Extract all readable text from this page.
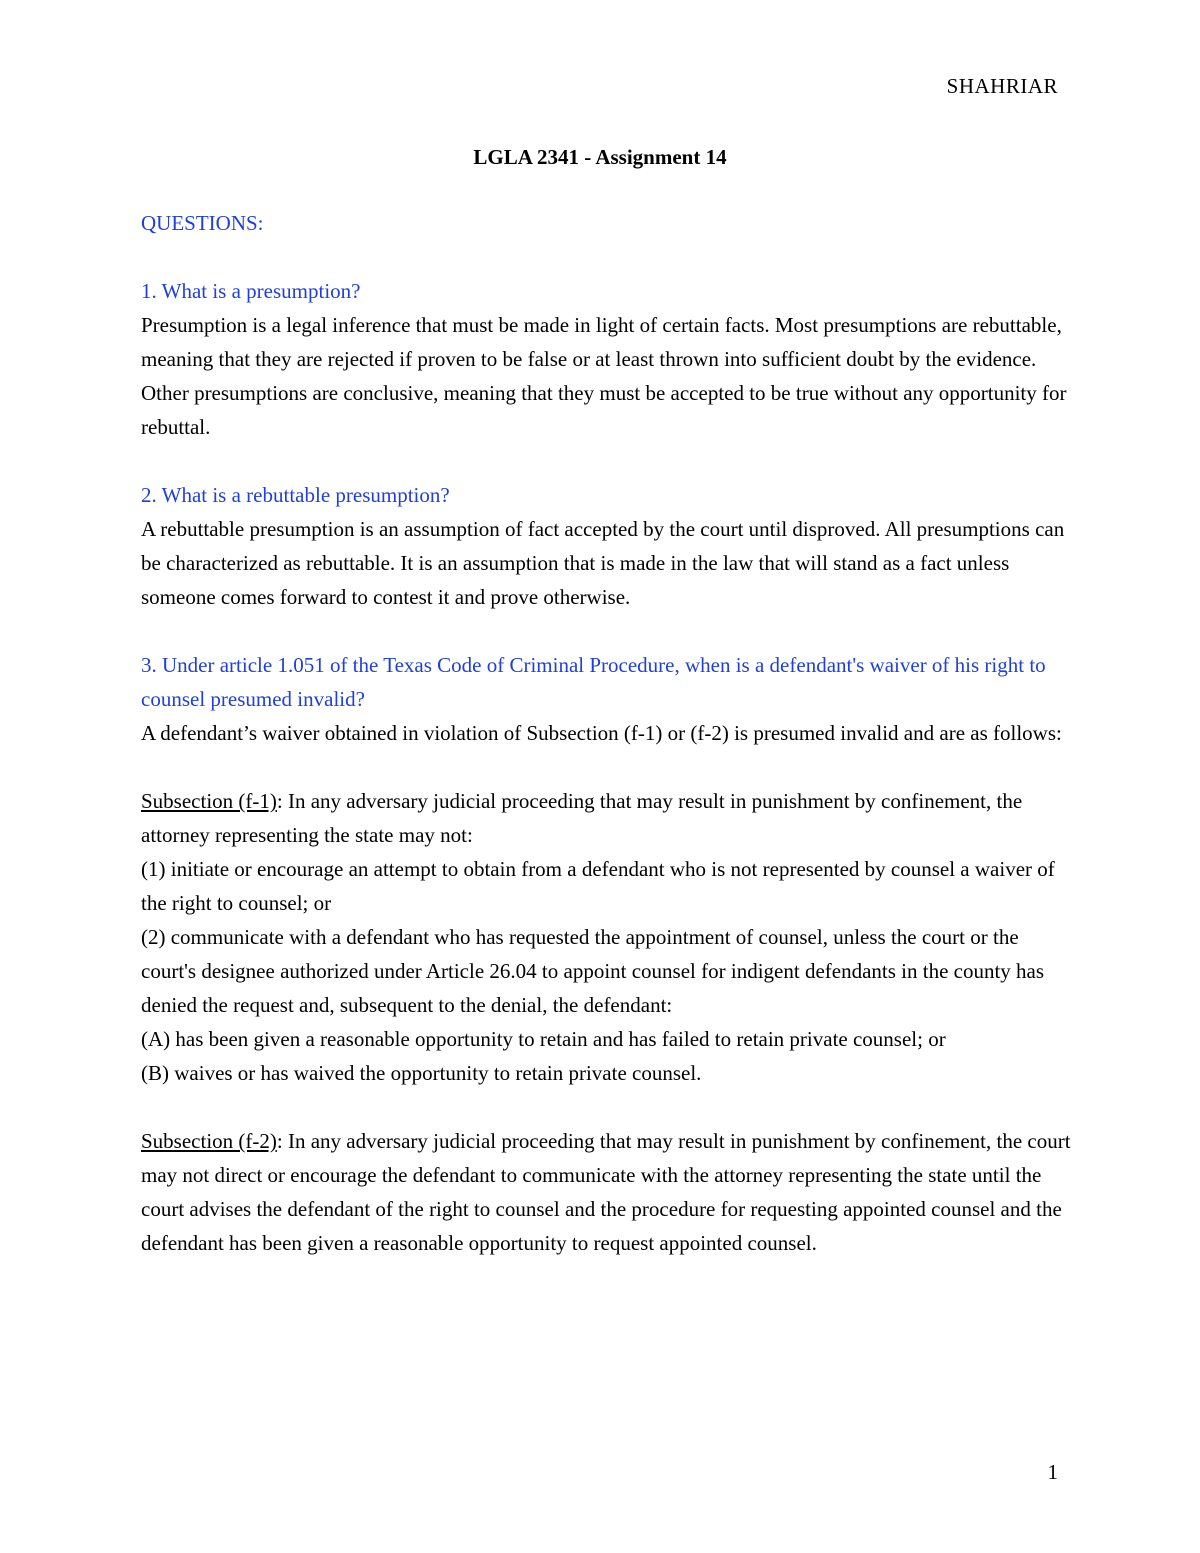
SHAHRIAR
LGLA 2341 - Assignment 14

QUESTIONS:

1. What is a presumption?

Presumption is a legal inference that must be made in light of certain facts. Most presumptions are rebuttable, meaning that they are rejected if proven to be false or at least thrown into sufficient doubt by the evidence. Other presumptions are conclusive, meaning that they must be accepted to be true without any opportunity for rebuttal.

2. What is a rebuttable presumption?

A rebuttable presumption is an assumption of fact accepted by the court until disproved. All presumptions can be characterized as rebuttable. It is an assumption that is made in the law that will stand as a fact unless someone comes forward to contest it and prove otherwise.

3. Under article 1.051 of the Texas Code of Criminal Procedure, when is a defendant's waiver of his right to counsel presumed invalid?

A defendant’s waiver obtained in violation of Subsection (f-1) or (f-2) is presumed invalid and are as follows:

Subsection (f-1): In any adversary judicial proceeding that may result in punishment by confinement, the attorney representing the state may not:

(1) initiate or encourage an attempt to obtain from a defendant who is not represented by counsel a waiver of the right to counsel; or

(2) communicate with a defendant who has requested the appointment of counsel, unless the court or the court's designee authorized under Article 26.04 to appoint counsel for indigent defendants in the county has denied the request and, subsequent to the denial, the defendant:

(A) has been given a reasonable opportunity to retain and has failed to retain private counsel; or

(B) waives or has waived the opportunity to retain private counsel.

Subsection (f-2): In any adversary judicial proceeding that may result in punishment by confinement, the court may not direct or encourage the defendant to communicate with the attorney representing the state until the court advises the defendant of the right to counsel and the procedure for requesting appointed counsel and the defendant has been given a reasonable opportunity to request appointed counsel.

1
